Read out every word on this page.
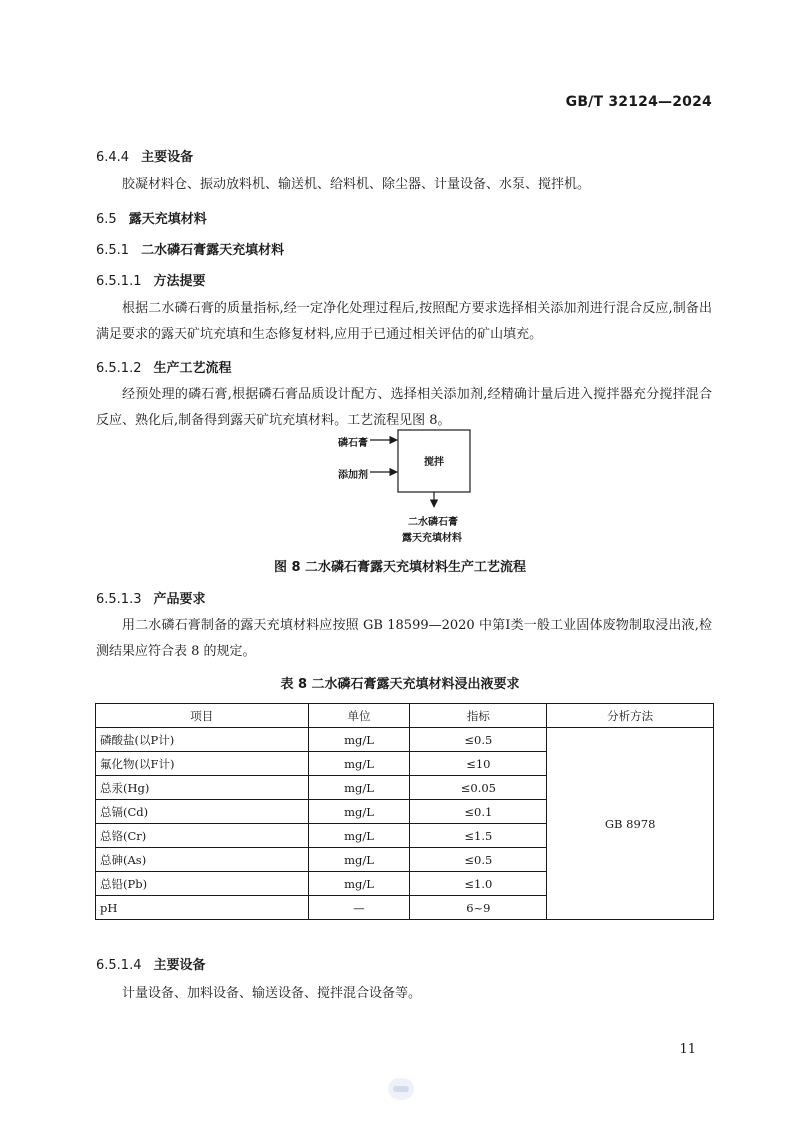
GB/T 32124—2024
6.4.4 主要设备
胶凝材料仓、振动放料机、输送机、给料机、除尘器、计量设备、水泵、搅拌机。
6.5 露天充填材料
6.5.1 二水磷石膏露天充填材料
6.5.1.1 方法提要
根据二水磷石膏的质量指标,经一定净化处理过程后,按照配方要求选择相关添加剂进行混合反应,制备出满足要求的露天矿坑充填和生态修复材料,应用于已通过相关评估的矿山填充。
6.5.1.2 生产工艺流程
经预处理的磷石膏,根据磷石膏品质设计配方、选择相关添加剂,经精确计量后进入搅拌器充分搅拌混合反应、熟化后,制备得到露天矿坑充填材料。工艺流程见图 8。
磷石膏
添加剂
搅拌
二水磷石膏
露天充填材料
图 8 二水磷石膏露天充填材料生产工艺流程
6.5.1.3 产品要求
用二水磷石膏制备的露天充填材料应按照 GB 18599—2020 中第Ⅰ类一般工业固体废物制取浸出液,检测结果应符合表 8 的规定。
表 8 二水磷石膏露天充填材料浸出液要求
项目	单位	指标	分析方法
磷酸盐(以P计)	mg/L	≤0.5	GB 8978
氟化物(以F计)	mg/L	≤10	
总汞(Hg)	mg/L	≤0.05	
总镉(Cd)	mg/L	≤0.1	
总铬(Cr)	mg/L	≤1.5	
总砷(As)	mg/L	≤0.5	
总铅(Pb)	mg/L	≤1.0	
pH	—	6~9	
6.5.1.4 主要设备
计量设备、加料设备、输送设备、搅拌混合设备等。
11
